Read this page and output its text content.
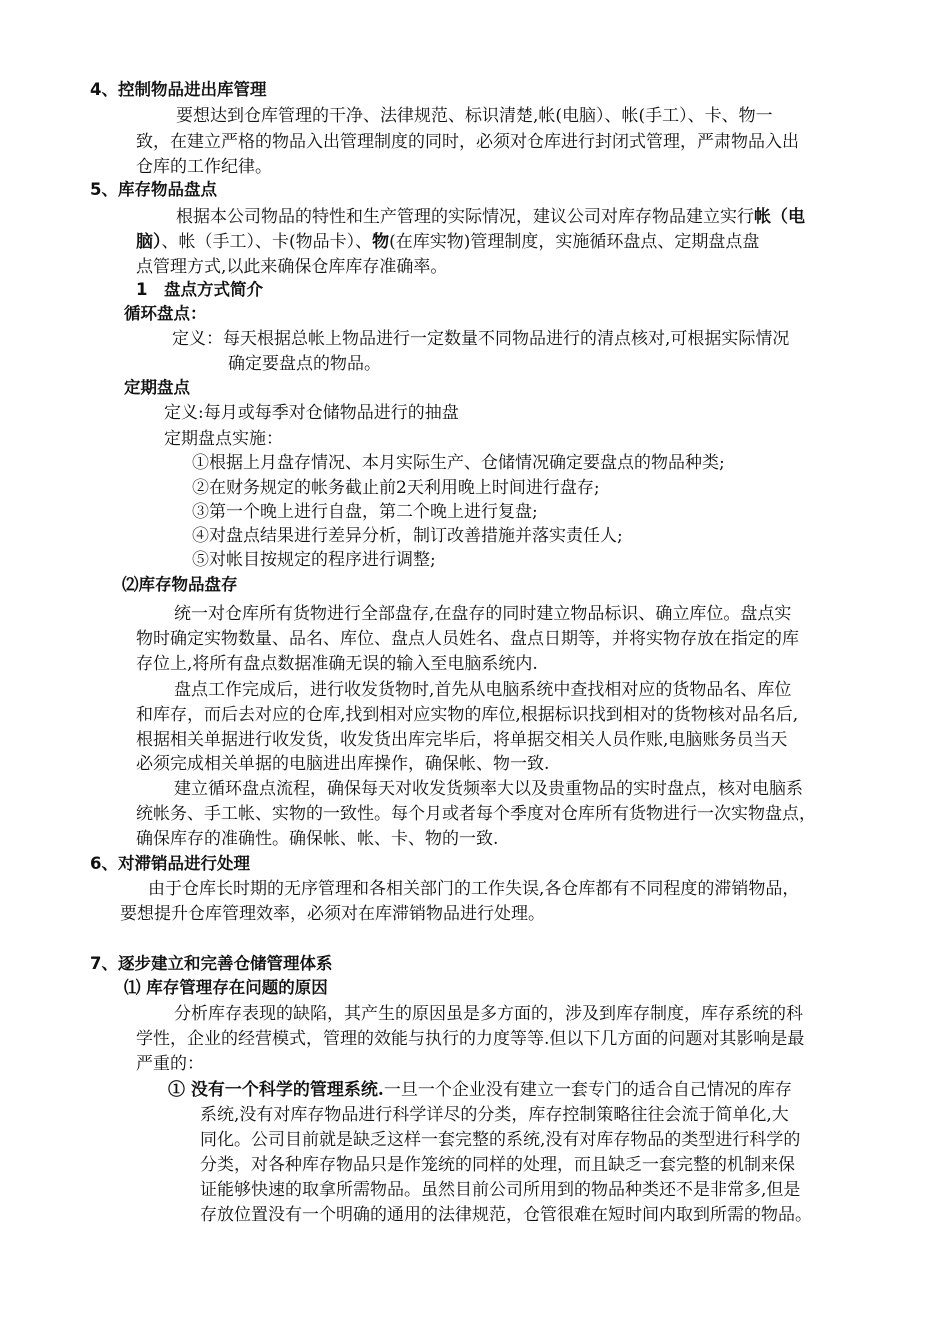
4、控制物品进出库管理
要想达到仓库管理的干净、法律规范、标识清楚,帐(电脑）、帐(手工）、卡、物一
致，在建立严格的物品入出管理制度的同时，必须对仓库进行封闭式管理，严肃物品入出
仓库的工作纪律。
5、库存物品盘点
根据本公司物品的特性和生产管理的实际情况，建议公司对库存物品建立实行帐（电
脑）、帐（手工）、卡(物品卡）、物(在库实物)管理制度，实施循环盘点、定期盘点盘
点管理方式,以此来确保仓库库存准确率。
1　盘点方式简介
循环盘点：
定义：每天根据总帐上物品进行一定数量不同物品进行的清点核对,可根据实际情况
确定要盘点的物品。
定期盘点
定义:每月或每季对仓储物品进行的抽盘
定期盘点实施：
①根据上月盘存情况、本月实际生产、仓储情况确定要盘点的物品种类;
②在财务规定的帐务截止前2天利用晚上时间进行盘存;
③第一个晚上进行自盘，第二个晚上进行复盘;
④对盘点结果进行差异分析，制订改善措施并落实责任人;
⑤对帐目按规定的程序进行调整;
⑵库存物品盘存
统一对仓库所有货物进行全部盘存,在盘存的同时建立物品标识、确立库位。盘点实
物时确定实物数量、品名、库位、盘点人员姓名、盘点日期等，并将实物存放在指定的库
存位上,将所有盘点数据准确无误的输入至电脑系统内.
盘点工作完成后，进行收发货物时,首先从电脑系统中查找相对应的货物品名、库位
和库存，而后去对应的仓库,找到相对应实物的库位,根据标识找到相对的货物核对品名后,
根据相关单据进行收发货，收发货出库完毕后，将单据交相关人员作账,电脑账务员当天
必须完成相关单据的电脑进出库操作，确保帐、物一致.
建立循环盘点流程，确保每天对收发货频率大以及贵重物品的实时盘点，核对电脑系
统帐务、手工帐、实物的一致性。每个月或者每个季度对仓库所有货物进行一次实物盘点，
确保库存的准确性。确保帐、帐、卡、物的一致.
6、对滞销品进行处理
由于仓库长时期的无序管理和各相关部门的工作失误,各仓库都有不同程度的滞销物品，
要想提升仓库管理效率，必须对在库滞销物品进行处理。
7、逐步建立和完善仓储管理体系
⑴ 库存管理存在问题的原因
分析库存表现的缺陷，其产生的原因虽是多方面的，涉及到库存制度，库存系统的科
学性，企业的经营模式，管理的效能与执行的力度等等.但以下几方面的问题对其影响是最
严重的：
① 没有一个科学的管理系统.一旦一个企业没有建立一套专门的适合自己情况的库存
系统,没有对库存物品进行科学详尽的分类，库存控制策略往往会流于简单化,大
同化。公司目前就是缺乏这样一套完整的系统,没有对库存物品的类型进行科学的
分类，对各种库存物品只是作笼统的同样的处理，而且缺乏一套完整的机制来保
证能够快速的取拿所需物品。虽然目前公司所用到的物品种类还不是非常多,但是
存放位置没有一个明确的通用的法律规范，仓管很难在短时间内取到所需的物品。
